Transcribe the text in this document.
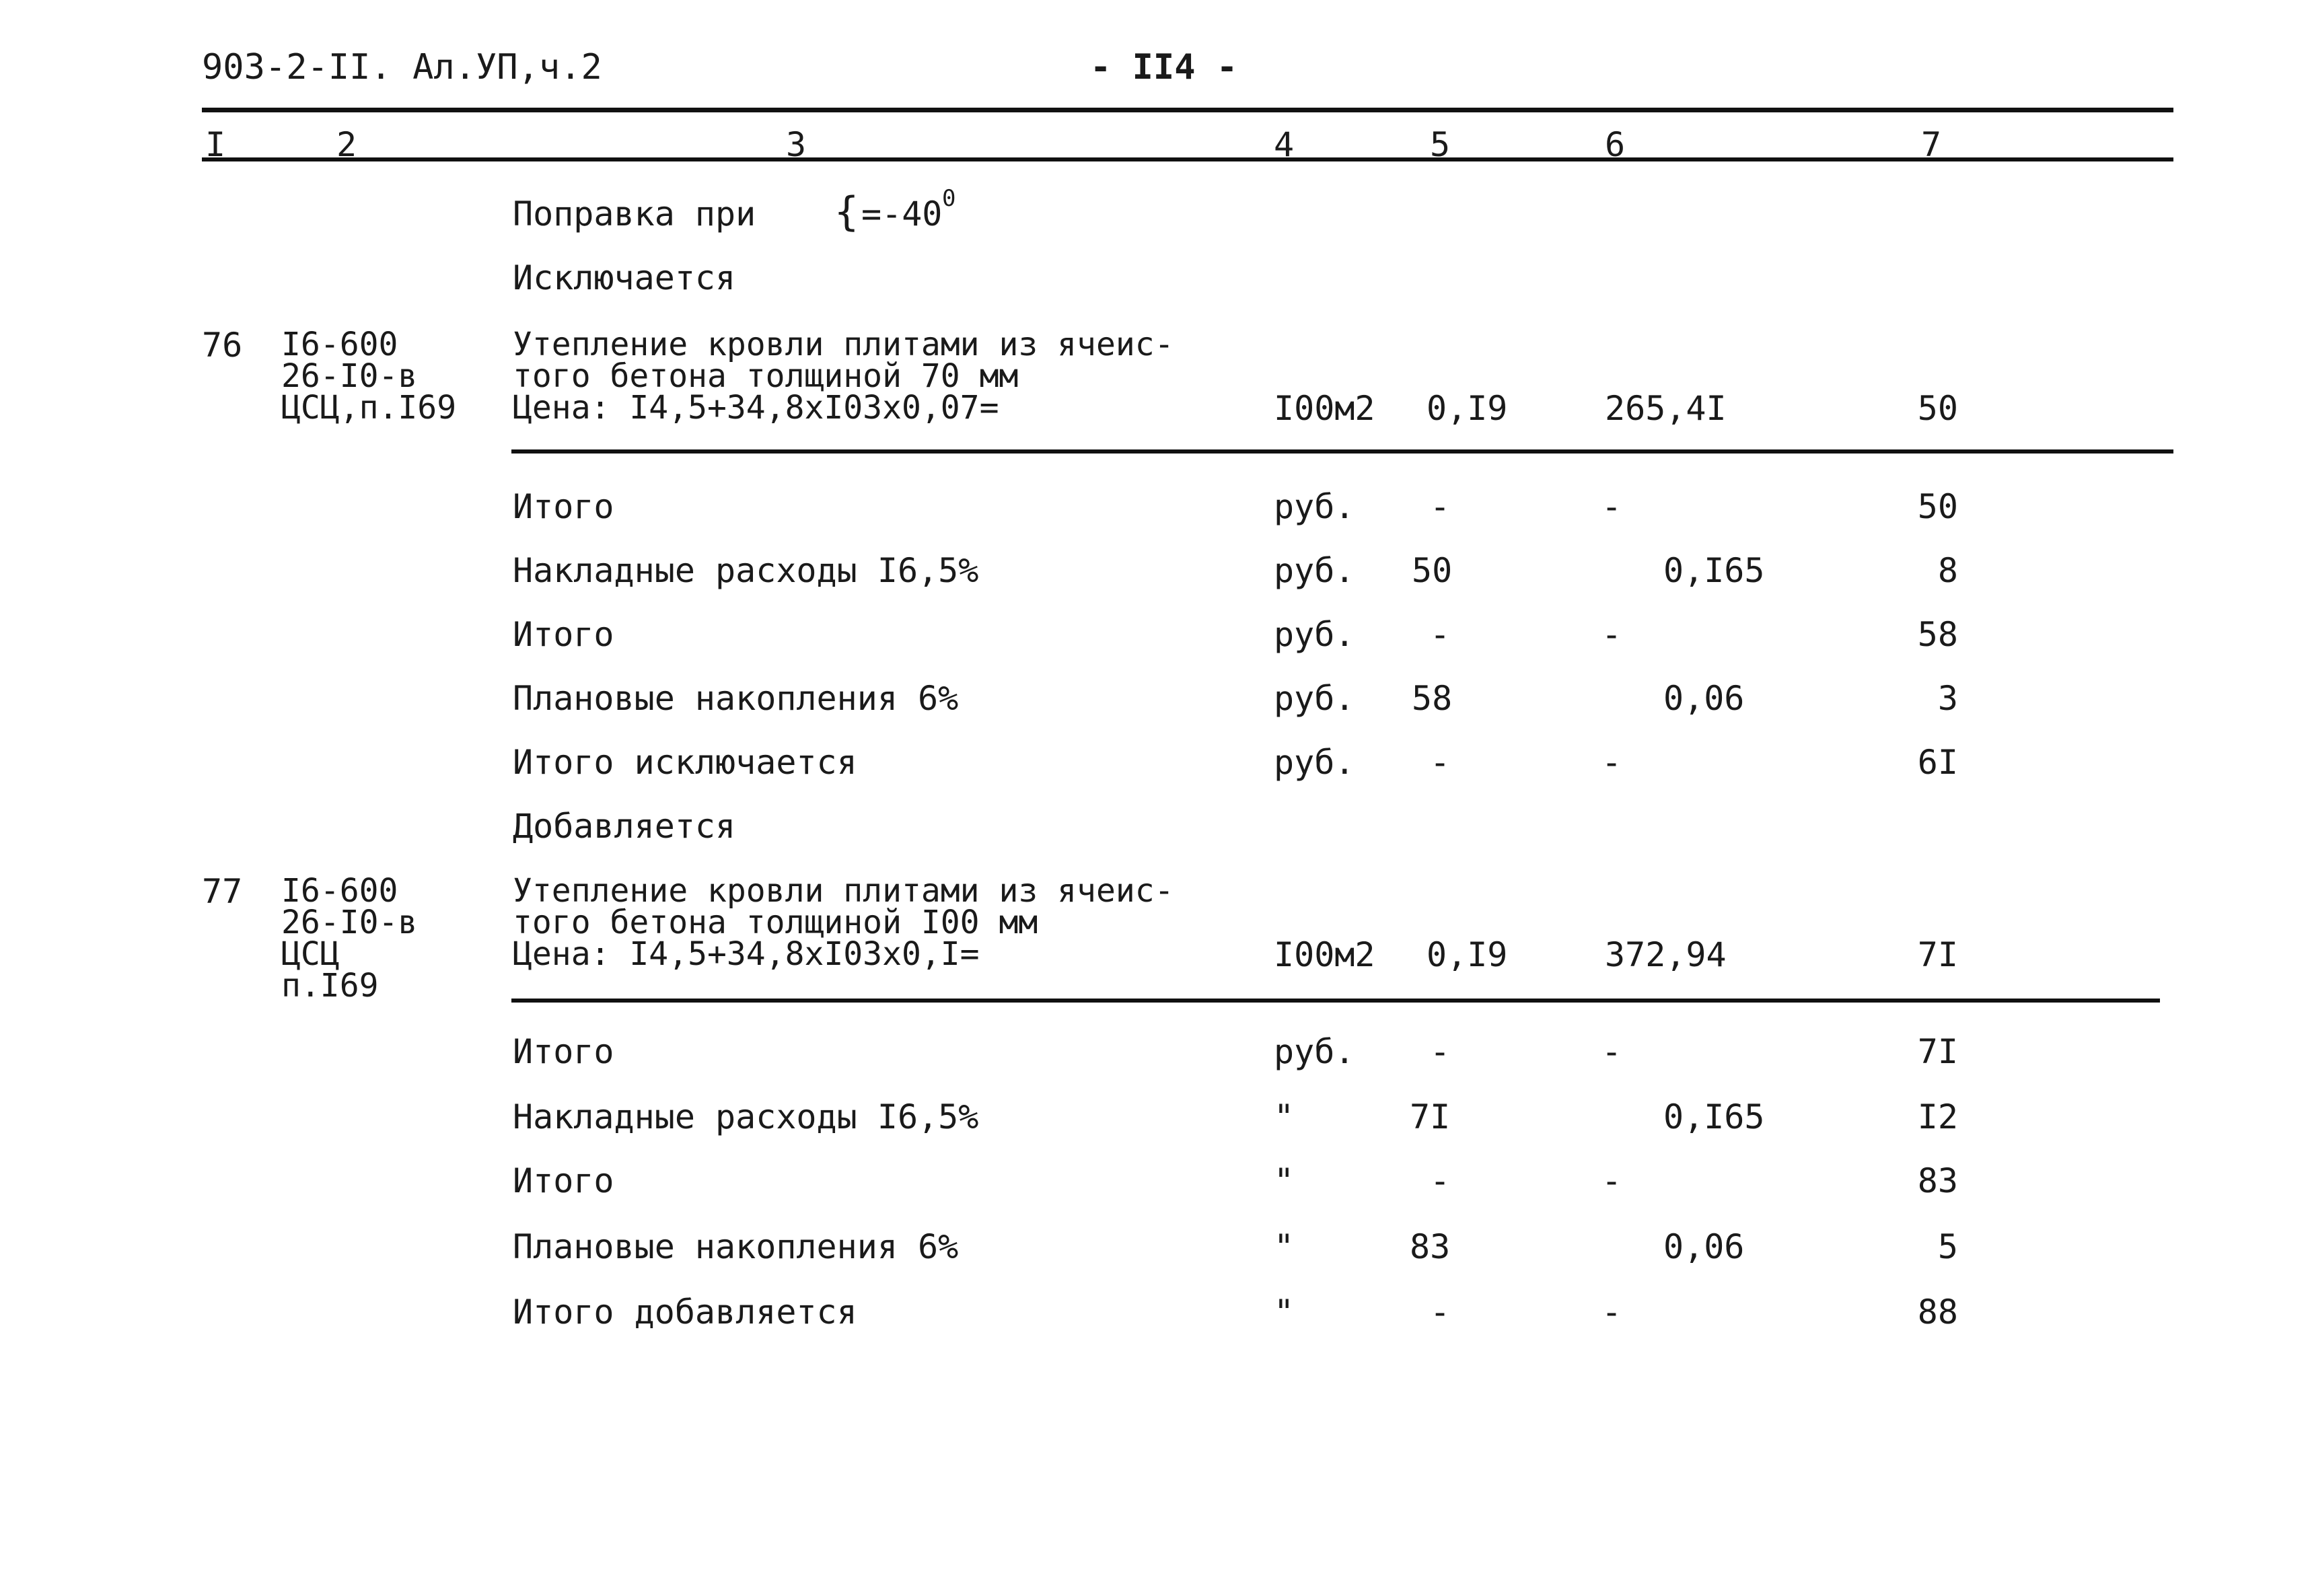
903-2-II. Ал.УП,ч.2	- II4 -
I	2	3	4	5	6	7
Поправка при { =-40 0
Исключается
76 I6-600
26-I0-в
ЦСЦ,п.I69
Утепление кровли плитами из ячеис-
того бетона толщиной 70 мм
Цена: I4,5+34,8хI03х0,07=	I00м2 0,I9	265,4I	50
Итого	руб.	-	-	50
Накладные расходы I6,5%	руб. 50	0,I65	8
Итого	руб.	-	-	58
Плановые накопления 6%	руб. 58	0,06	3
Итого исключается	руб.	-	-	6I
Добавляется
77 I6-600
26-I0-в
ЦСЦ
п.I69
Утепление кровли плитами из ячеис-
того бетона толщиной I00 мм
Цена: I4,5+34,8хI03х0,I=	I00м2 0,I9	372,94	7I
Итого	руб.	-	-	7I
Накладные расходы I6,5%	"	7I	0,I65	I2
Итого	"	-	-	83
Плановые накопления 6%	"	83	0,06	5
Итого добавляется	"	-	-	88
